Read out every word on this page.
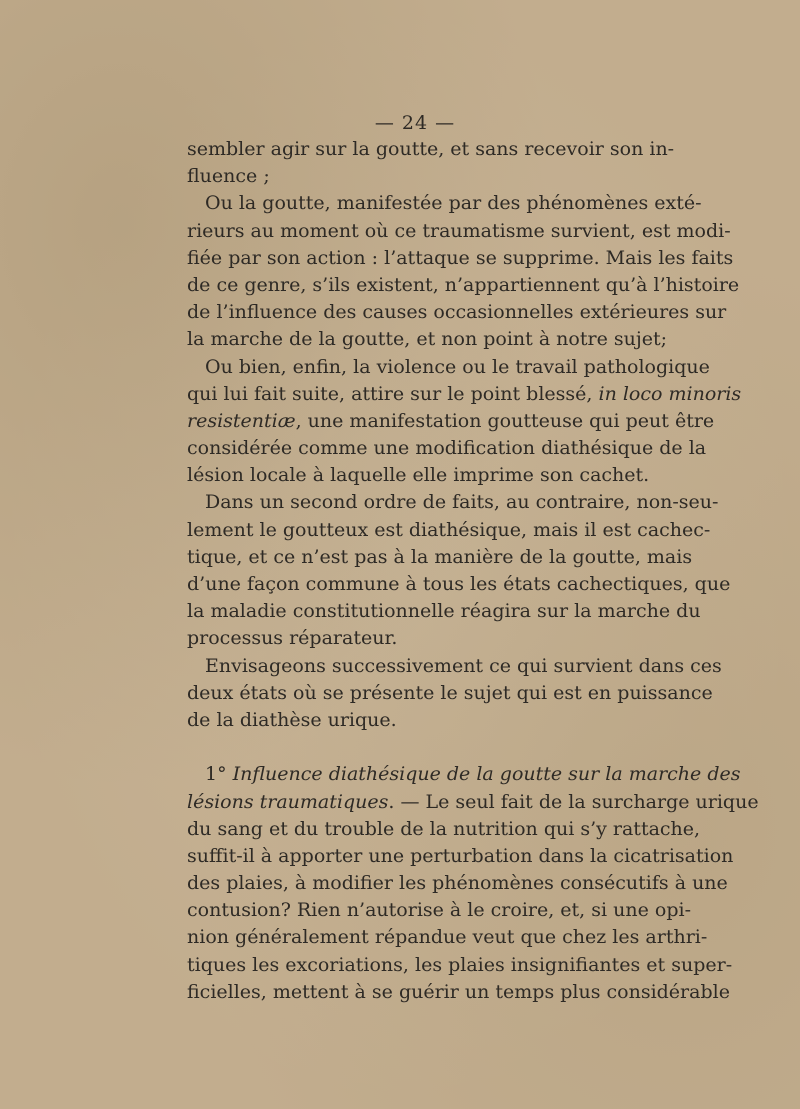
— 24 —
sembler agir sur la goutte, et sans recevoir son in-
fluence ;
Ou la goutte, manifestée par des phénomènes exté-
rieurs au moment où ce traumatisme survient, est modi-
fiée par son action : l’attaque se supprime. Mais les faits
de ce genre, s’ils existent, n’appartiennent qu’à l’histoire
de l’influence des causes occasionnelles extérieures sur
la marche de la goutte, et non point à notre sujet;
Ou bien, enfin, la violence ou le travail pathologique
qui lui fait suite, attire sur le point blessé, in loco minoris
resistentiæ, une manifestation goutteuse qui peut être
considérée comme une modification diathésique de la
lésion locale à laquelle elle imprime son cachet.
Dans un second ordre de faits, au contraire, non-seu-
lement le goutteux est diathésique, mais il est cachec-
tique, et ce n’est pas à la manière de la goutte, mais
d’une façon commune à tous les états cachectiques, que
la maladie constitutionnelle réagira sur la marche du
processus réparateur.
Envisageons successivement ce qui survient dans ces
deux états où se présente le sujet qui est en puissance
de la diathèse urique.
1° Influence diathésique de la goutte sur la marche des
lésions traumatiques. — Le seul fait de la surcharge urique
du sang et du trouble de la nutrition qui s’y rattache,
suffit-il à apporter une perturbation dans la cicatrisation
des plaies, à modifier les phénomènes consécutifs à une
contusion? Rien n’autorise à le croire, et, si une opi-
nion généralement répandue veut que chez les arthri-
tiques les excoriations, les plaies insignifiantes et super-
ficielles, mettent à se guérir un temps plus considérable
